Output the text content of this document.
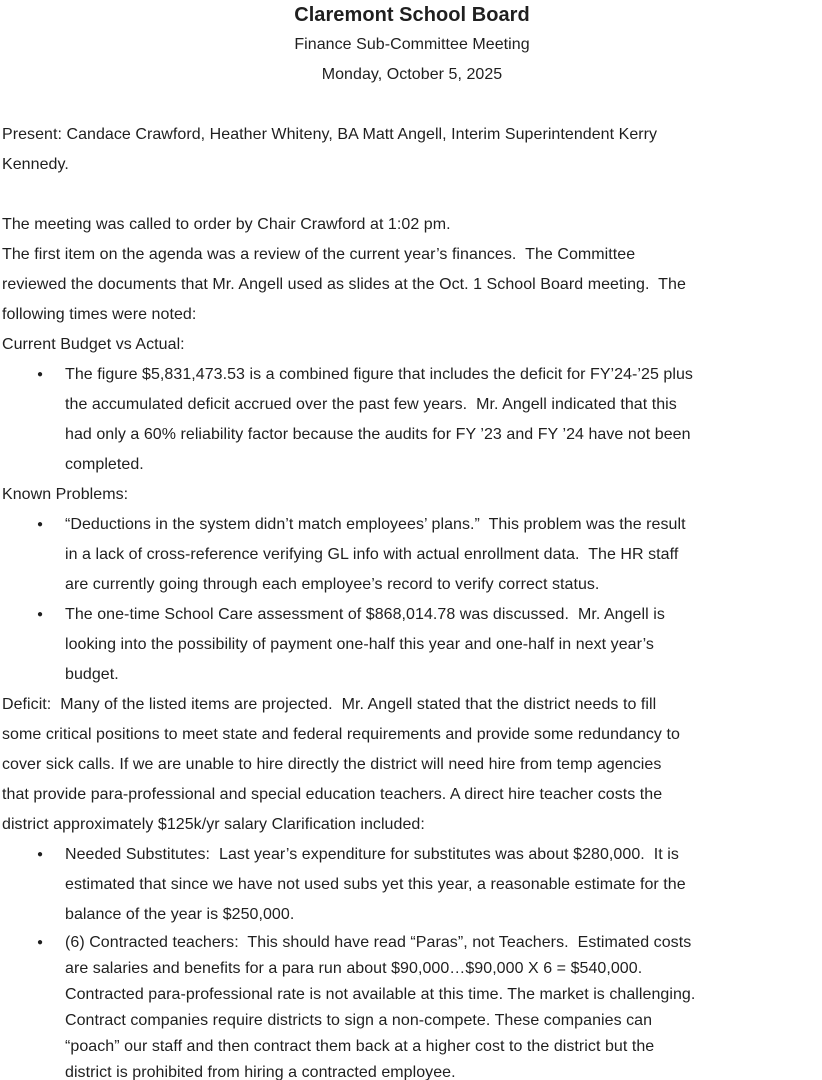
Claremont School Board
Finance Sub-Committee Meeting
Monday, October 5, 2025
Present: Candace Crawford, Heather Whiteny, BA Matt Angell, Interim Superintendent Kerry
Kennedy.
The meeting was called to order by Chair Crawford at 1:02 pm.
The first item on the agenda was a review of the current year’s finances.  The Committee
reviewed the documents that Mr. Angell used as slides at the Oct. 1 School Board meeting.  The
following times were noted:
Current Budget vs Actual:
● The figure $5,831,473.53 is a combined figure that includes the deficit for FY’24-’25 plus
the accumulated deficit accrued over the past few years.  Mr. Angell indicated that this
had only a 60% reliability factor because the audits for FY ’23 and FY ’24 have not been
completed.
Known Problems:
● “Deductions in the system didn’t match employees’ plans.”  This problem was the result
in a lack of cross-reference verifying GL info with actual enrollment data.  The HR staff
are currently going through each employee’s record to verify correct status.
● The one-time School Care assessment of $868,014.78 was discussed.  Mr. Angell is
looking into the possibility of payment one-half this year and one-half in next year’s
budget.
Deficit:  Many of the listed items are projected.  Mr. Angell stated that the district needs to fill
some critical positions to meet state and federal requirements and provide some redundancy to
cover sick calls. If we are unable to hire directly the district will need hire from temp agencies
that provide para-professional and special education teachers. A direct hire teacher costs the
district approximately $125k/yr salary Clarification included:
● Needed Substitutes:  Last year’s expenditure for substitutes was about $280,000.  It is
estimated that since we have not used subs yet this year, a reasonable estimate for the
balance of the year is $250,000.
● (6) Contracted teachers:  This should have read “Paras”, not Teachers.  Estimated costs
are salaries and benefits for a para run about $90,000…$90,000 X 6 = $540,000.
Contracted para-professional rate is not available at this time. The market is challenging.
Contract companies require districts to sign a non-compete. These companies can
“poach” our staff and then contract them back at a higher cost to the district but the
district is prohibited from hiring a contracted employee.
